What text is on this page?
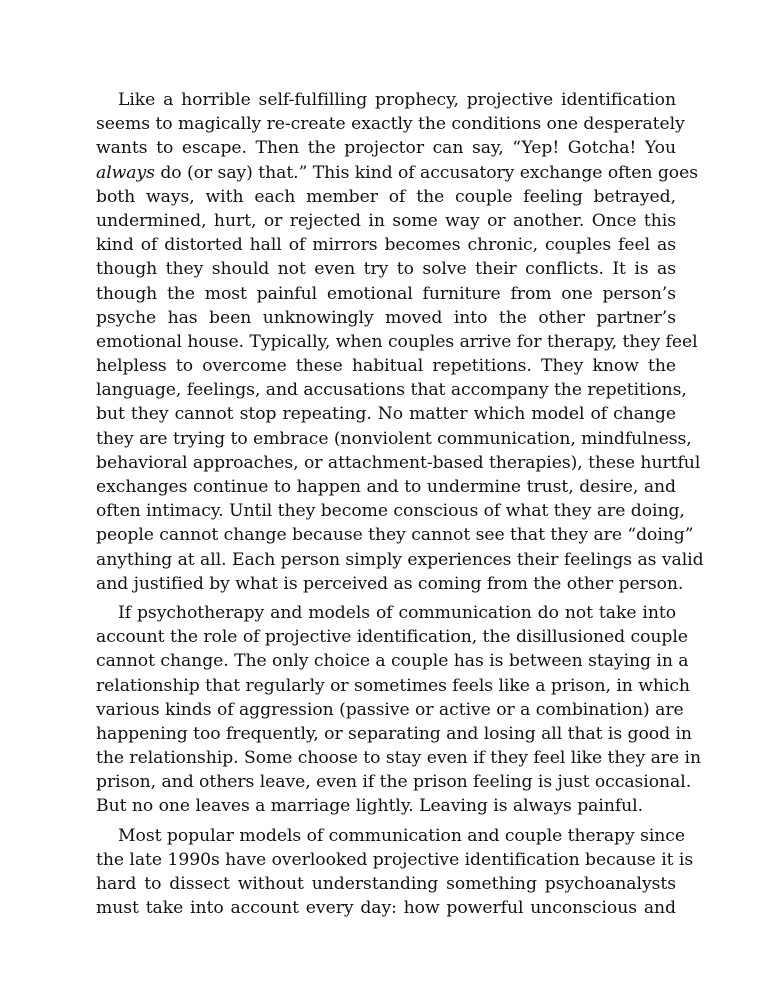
Like a horrible self-fulfilling prophecy, projective identification
seems to magically re-create exactly the conditions one desperately
wants to escape. Then the projector can say, “Yep! Gotcha! You
always do (or say) that.” This kind of accusatory exchange often goes
both ways, with each member of the couple feeling betrayed,
undermined, hurt, or rejected in some way or another. Once this
kind of distorted hall of mirrors becomes chronic, couples feel as
though they should not even try to solve their conflicts. It is as
though the most painful emotional furniture from one person’s
psyche has been unknowingly moved into the other partner’s
emotional house. Typically, when couples arrive for therapy, they feel
helpless to overcome these habitual repetitions. They know the
language, feelings, and accusations that accompany the repetitions,
but they cannot stop repeating. No matter which model of change
they are trying to embrace (nonviolent communication, mindfulness,
behavioral approaches, or attachment-based therapies), these hurtful
exchanges continue to happen and to undermine trust, desire, and
often intimacy. Until they become conscious of what they are doing,
people cannot change because they cannot see that they are “doing”
anything at all. Each person simply experiences their feelings as valid
and justified by what is perceived as coming from the other person.
If psychotherapy and models of communication do not take into
account the role of projective identification, the disillusioned couple
cannot change. The only choice a couple has is between staying in a
relationship that regularly or sometimes feels like a prison, in which
various kinds of aggression (passive or active or a combination) are
happening too frequently, or separating and losing all that is good in
the relationship. Some choose to stay even if they feel like they are in
prison, and others leave, even if the prison feeling is just occasional.
But no one leaves a marriage lightly. Leaving is always painful.
Most popular models of communication and couple therapy since
the late 1990s have overlooked projective identification because it is
hard to dissect without understanding something psychoanalysts
must take into account every day: how powerful unconscious and
